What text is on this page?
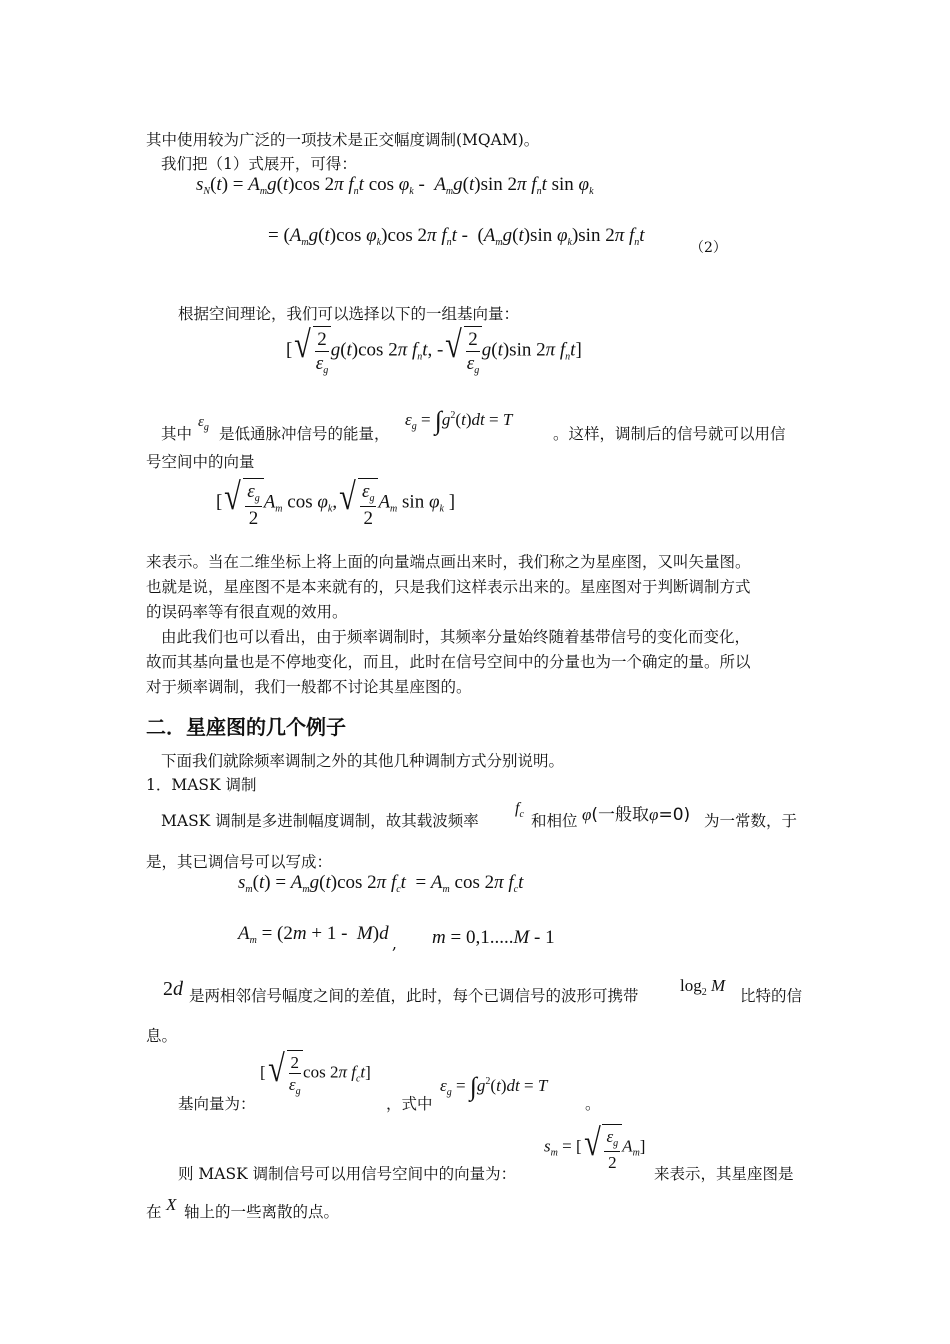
其中使用较为广泛的一项技术是正交幅度调制(MQAM)。
我们把（1）式展开，可得：
$s_N(t) = A_mg(t)\cos$ 2π $f_nt$ $\cos \varphi_k - A_mg(t)\sin$ 2π $f_nt$ $\sin \varphi_k$
= ($A_mg(t)\cos$ $\varphi_k)\cos$ 2π $f_nt - (A_mg(t)\sin$ $\varphi_k)\sin$ 2π $f_nt$
（2）
根据空间理论，我们可以选择以下的一组基向量：
[ √ $\frac{2}{\varepsilon_g} g(t)\cos$ 2π $f_nt$, - √ $\frac{2}{\varepsilon_g} g(t)\sin$ 2π $f_nt$]
其中
$\varepsilon_g$ 是低通脉冲信号的能量，
$\varepsilon_g = \int g^2(t)dt = T$
。这样，调制后的信号就可以用信
号空间中的向量
[ √ $\frac{\varepsilon_g}{2} A_m$ $\cos \varphi_k$, √ $\frac{\varepsilon_g}{2} A_m$ $\sin \varphi_k$ ]
来表示。当在二维坐标上将上面的向量端点画出来时，我们称之为星座图，又叫矢量图。
也就是说，星座图不是本来就有的，只是我们这样表示出来的。星座图对于判断调制方式
的误码率等有很直观的效用。
由此我们也可以看出，由于频率调制时，其频率分量始终随着基带信号的变化而变化，
故而其基向量也是不停地变化，而且，此时在信号空间中的分量也为一个确定的量。所以
对于频率调制，我们一般都不讨论其星座图的。
二．星座图的几个例子
下面我们就除频率调制之外的其他几种调制方式分别说明。
1．MASK 调制
MASK 调制是多进制幅度调制，故其载波频率
$f_c$ 和相位 φ(一般取φ=0) 为一常数，于
是，其已调信号可以写成：
$s_m(t) = A_mg(t)\cos$ 2π $f_ct = A_m$ cos 2π $f_ct$
$A_m = (2m + 1 - M)d$ , m = 0,1.....M - 1
2d 是两相邻信号幅度之间的差值，此时，每个已调信号的波形可携带
$\log_2 M$
比特的信
息。
基向量为：
[ √ $\frac{2}{\varepsilon_g}$ cos 2π $f_ct$]
，式中
$\varepsilon_g = \int g^2(t)dt = T$
。
则 MASK 调制信号可以用信号空间中的向量为：
$s_m$ = [ √ $\frac{\varepsilon_g}{2} A_m$]
来表示，其星座图是
在 X 轴上的一些离散的点。
